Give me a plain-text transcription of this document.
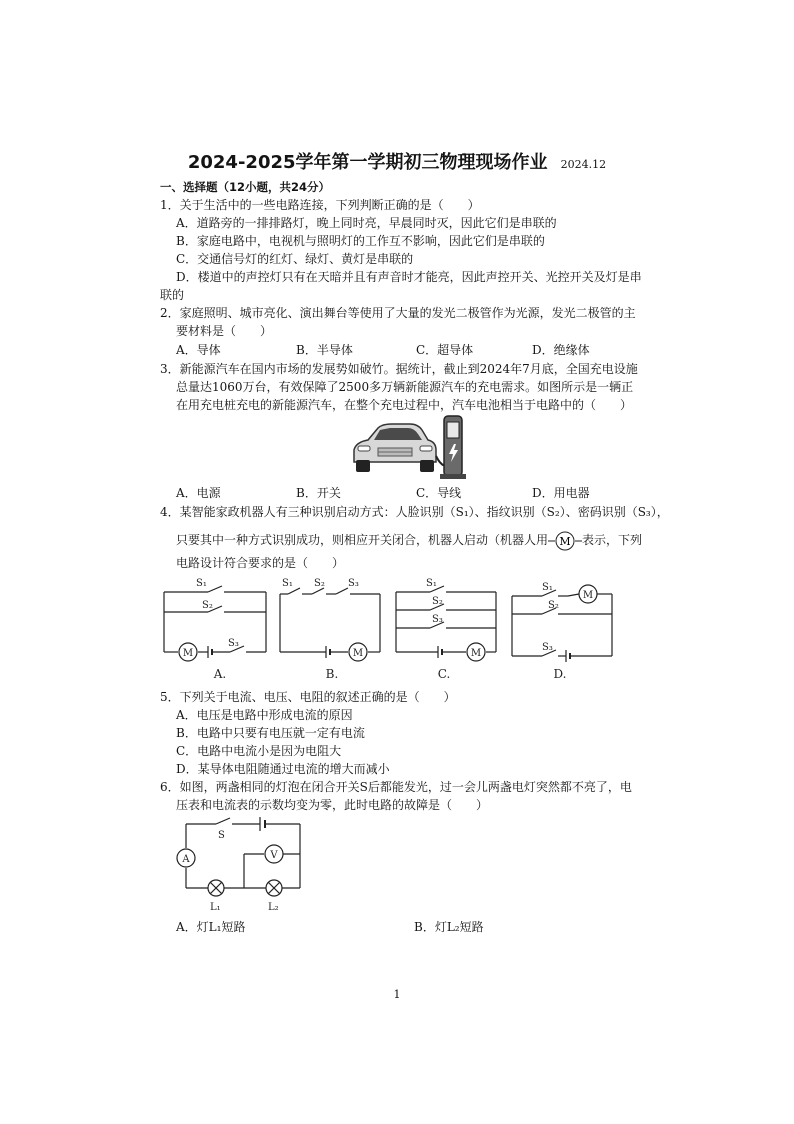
2024-2025学年第一学期初三物理现场作业 2024.12
一、选择题（12小题，共24分）
1．关于生活中的一些电路连接，下列判断正确的是（　　）
A．道路旁的一排排路灯，晚上同时亮，早晨同时灭，因此它们是串联的
B．家庭电路中，电视机与照明灯的工作互不影响，因此它们是串联的
C．交通信号灯的红灯、绿灯、黄灯是串联的
D．楼道中的声控灯只有在天暗并且有声音时才能亮，因此声控开关、光控开关及灯是串
联的
2．家庭照明、城市亮化、演出舞台等使用了大量的发光二极管作为光源，发光二极管的主
要材料是（　　）
A．导体	B．半导体	C．超导体	D．绝缘体
3．新能源汽车在国内市场的发展势如破竹。据统计，截止到2024年7月底，全国充电设施
总量达1060万台，有效保障了2500多万辆新能源汽车的充电需求。如图所示是一辆正
在用充电桩充电的新能源汽车，在整个充电过程中，汽车电池相当于电路中的（　　）
A．电源	B．开关	C．导线	D．用电器
4．某智能家政机器人有三种识别启动方式：人脸识别（S₁）、指纹识别（S₂）、密码识别（S₃），
只要其中一种方式识别成功，则相应开关闭合，机器人启动（机器人用 M 表示，下列
电路设计符合要求的是（　　）
S₁
S₂
S₃
M
S₁ S₂ S₃
M
S₁
S₂
S₃
M
S₁
S₂
S₃
M
A.	B.	C.	D.
5．下列关于电流、电压、电阻的叙述正确的是（　　）
A．电压是电路中形成电流的原因
B．电路中只要有电压就一定有电流
C．电路中电流小是因为电阻大
D．某导体电阻随通过电流的增大而减小
6．如图，两盏相同的灯泡在闭合开关S后都能发光，过一会儿两盏电灯突然都不亮了，电
压表和电流表的示数均变为零，此时电路的故障是（　　）
S
A	V
L₁	L₂
A．灯L₁短路	B．灯L₂短路
1
